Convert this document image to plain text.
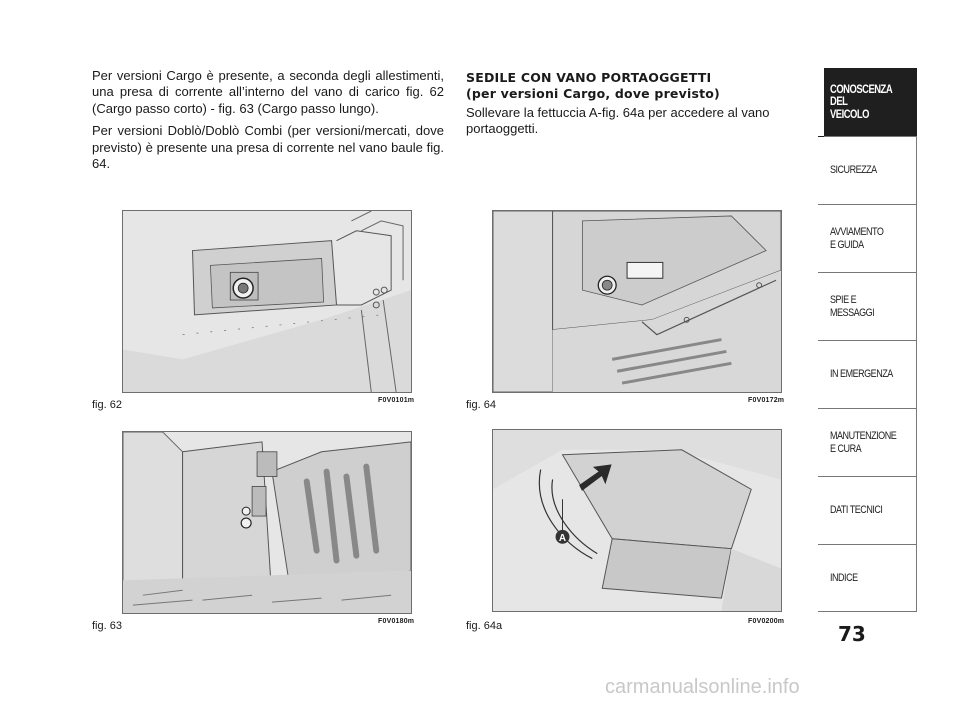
Per versioni Cargo è presente, a seconda degli allestimenti, una presa di corrente all’interno del vano di carico fig. 62 (Cargo passo corto) - fig. 63 (Cargo passo lungo).

Per versioni Doblò/Doblò Combi (per versioni/mercati, dove previsto) è presente una presa di corrente nel vano baule fig. 64.

SEDILE CON VANO PORTAOGGETTI
(per versioni Cargo, dove previsto)

Sollevare la fettuccia A-fig. 64a per accedere al vano portaoggetti.

fig. 62	F0V0101m
fig. 63	F0V0180m
fig. 64	F0V0172m
A
fig. 64a	F0V0200m
CONOSCENZA
DEL
VEICOLO
SICUREZZA
AVVIAMENTO
E GUIDA
SPIE E
MESSAGGI
IN EMERGENZA
MANUTENZIONE
E CURA
DATI TECNICI
INDICE
73
carmanualsonline.info
